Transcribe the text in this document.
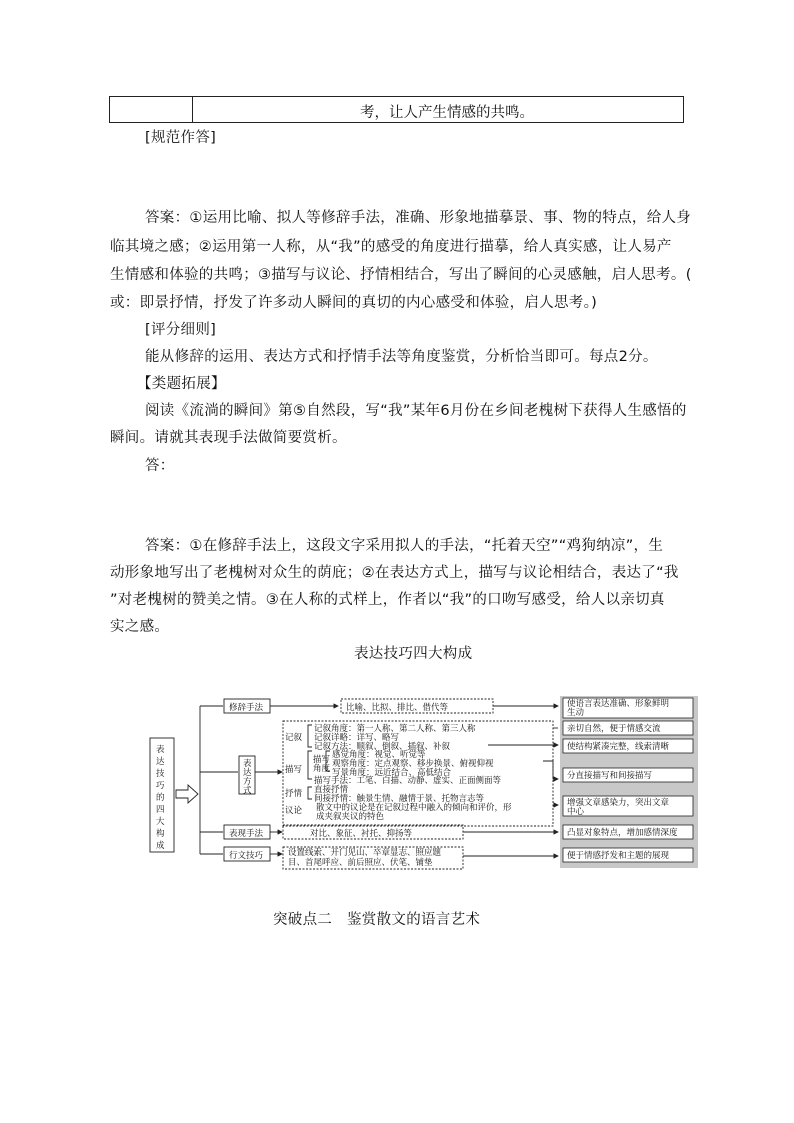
考，让人产生情感的共鸣。
[规范作答]
答案：①运用比喻、拟人等修辞手法，准确、形象地描摹景、事、物的特点，给人身
临其境之感；②运用第一人称，从“我”的感受的角度进行描摹，给人真实感，让人易产
生情感和体验的共鸣；③描写与议论、抒情相结合，写出了瞬间的心灵感触，启人思考。(
或：即景抒情，抒发了许多动人瞬间的真切的内心感受和体验，启人思考。)
[评分细则]
能从修辞的运用、表达方式和抒情手法等角度鉴赏，分析恰当即可。每点2分。
【类题拓展】
阅读《流淌的瞬间》第⑤自然段，写“我”某年6月份在乡间老槐树下获得人生感悟的
瞬间。请就其表现手法做简要赏析。
答：
答案：①在修辞手法上，这段文字采用拟人的手法，“托着天空”“鸡狗纳凉”，生
动形象地写出了老槐树对众生的荫庇；②在表达方式上，描写与议论相结合，表达了“我
”对老槐树的赞美之情。③在人称的式样上，作者以“我”的口吻写感受，给人以亲切真
实之感。
表达技巧四大构成
表
达
技
巧
的
四
大
构
成
修辞手法
表
达
方
式
表现手法
行文技巧
比喻、比拟、排比、借代等
记叙
记叙角度：第一人称、第二人称、第三人称
记叙详略：详写、略写
记叙方法：顺叙、倒叙、插叙、补叙
描写
描写
角度
感觉角度：视觉、听觉等
观察角度：定点观察、移步换景、俯视仰视
写景角度：远近结合、高低结合
描写手法：工笔、白描、动静、虚实、正面侧面等
抒情 直接抒情
间接抒情：触景生情、融情于景、托物言志等
议论 散文中的议论是在记叙过程中融入的倾向和评价，形
成夹叙夹议的特色
对比、象征、衬托、抑扬等
设置线索、开门见山、卒章显志、照应题
目、首尾呼应、前后照应、伏笔、铺垫
使语言表达准确、形象鲜明
生动
亲切自然，便于情感交流
使结构紧凑完整，线索清晰
分直接描写和间接描写
增强文章感染力，突出文章
中心
凸显对象特点，增加感情深度
便于情感抒发和主题的展现
突破点二　鉴赏散文的语言艺术
